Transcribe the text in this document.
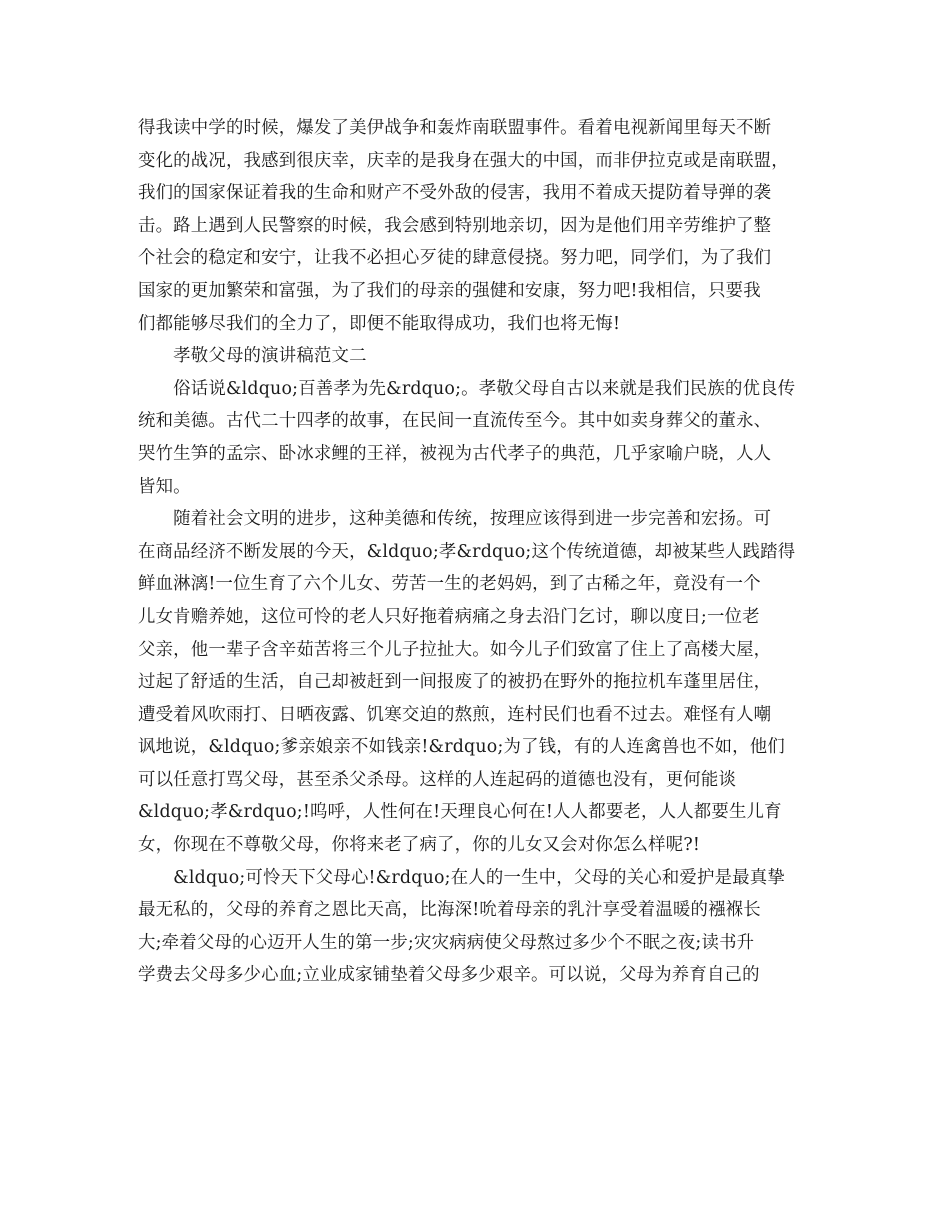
得我读中学的时候，爆发了美伊战争和轰炸南联盟事件。看着电视新闻里每天不断
变化的战况，我感到很庆幸，庆幸的是我身在强大的中国，而非伊拉克或是南联盟，
我们的国家保证着我的生命和财产不受外敌的侵害，我用不着成天提防着导弹的袭
击。路上遇到人民警察的时候，我会感到特别地亲切，因为是他们用辛劳维护了整
个社会的稳定和安宁，让我不必担心歹徒的肆意侵挠。努力吧，同学们，为了我们
国家的更加繁荣和富强，为了我们的母亲的强健和安康，努力吧!我相信，只要我
们都能够尽我们的全力了，即便不能取得成功，我们也将无悔!
　　孝敬父母的演讲稿范文二
　　俗话说&ldquo;百善孝为先&rdquo;。孝敬父母自古以来就是我们民族的优良传
统和美德。古代二十四孝的故事，在民间一直流传至今。其中如卖身葬父的董永、
哭竹生笋的孟宗、卧冰求鲤的王祥，被视为古代孝子的典范，几乎家喻户晓，人人
皆知。
　　随着社会文明的进步，这种美德和传统，按理应该得到进一步完善和宏扬。可
在商品经济不断发展的今天，&ldquo;孝&rdquo;这个传统道德，却被某些人践踏得
鲜血淋漓!一位生育了六个儿女、劳苦一生的老妈妈，到了古稀之年，竟没有一个
儿女肯赡养她，这位可怜的老人只好拖着病痛之身去沿门乞讨，聊以度日;一位老
父亲，他一辈子含辛茹苦将三个儿子拉扯大。如今儿子们致富了住上了高楼大屋，
过起了舒适的生活，自己却被赶到一间报废了的被扔在野外的拖拉机车蓬里居住，
遭受着风吹雨打、日晒夜露、饥寒交迫的熬煎，连村民们也看不过去。难怪有人嘲
讽地说，&ldquo;爹亲娘亲不如钱亲!&rdquo;为了钱，有的人连禽兽也不如，他们
可以任意打骂父母，甚至杀父杀母。这样的人连起码的道德也没有，更何能谈
&ldquo;孝&rdquo;!呜呼，人性何在!天理良心何在!人人都要老，人人都要生儿育
女，你现在不尊敬父母，你将来老了病了，你的儿女又会对你怎么样呢?!
　　&ldquo;可怜天下父母心!&rdquo;在人的一生中，父母的关心和爱护是最真挚
最无私的，父母的养育之恩比天高，比海深!吮着母亲的乳汁享受着温暖的襁褓长
大;牵着父母的心迈开人生的第一步;灾灾病病使父母熬过多少个不眠之夜;读书升
学费去父母多少心血;立业成家铺垫着父母多少艰辛。可以说，父母为养育自己的
